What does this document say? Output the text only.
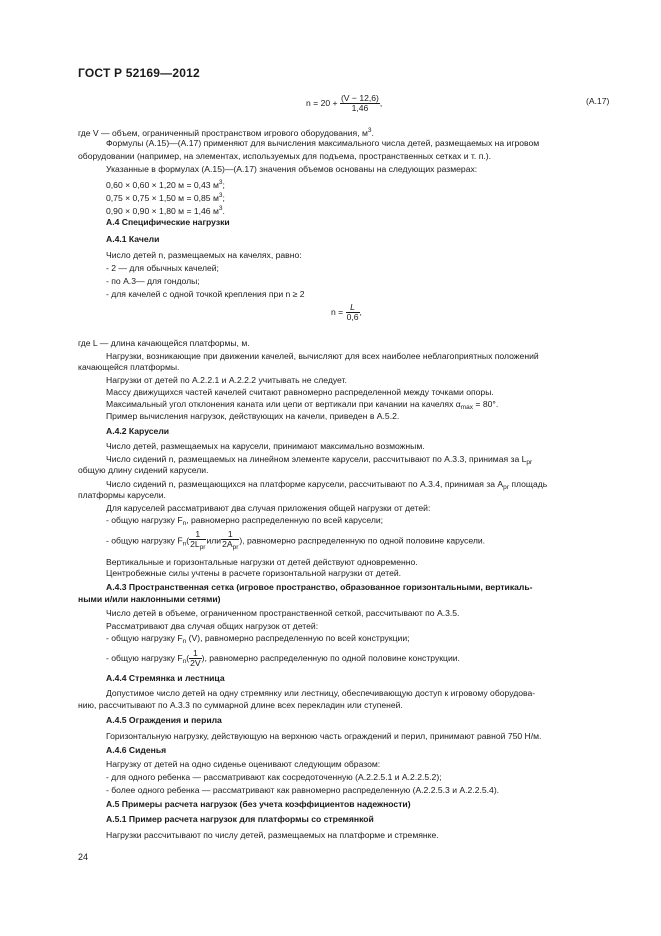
ГОСТ Р 52169—2012
$n = 20 + \frac{(V - 12,6)}{1,46}$ ,	(A.17)
где V — объем, ограниченный пространством игрового оборудования, $м^3$.
Формулы (A.15)—(A.17) применяют для вычисления максимального числа детей, размещаемых на игровом
оборудовании (например, на элементах, используемых для подъема, пространственных сетках и т. п.).
Указанные в формулах (A.15)—(A.17) значения объемов основаны на следующих размерах:
0,60 × 0,60 × 1,20 м = 0,43 $м^3$;
0,75 × 0,75 × 1,50 м = 0,85 $м^3$;
0,90 × 0,90 × 1,80 м = 1,46 $м^3$.
A.4 Специфические нагрузки
A.4.1 Качели
Число детей n, размещаемых на качелях, равно:
- 2 — для обычных качелей;
- по A.3— для гондолы;
- для качелей с одной точкой крепления при n ≥ 2
$n = \frac{L}{0,6}$ ,
где L — длина качающейся платформы, м.
Нагрузки, возникающие при движении качелей, вычисляют для всех наиболее неблагоприятных положений
качающейся платформы.
Нагрузки от детей по A.2.2.1 и A.2.2.2 учитывать не следует.
Массу движущихся частей качелей считают равномерно распределенной между точками опоры.
Максимальный угол отклонения каната или цепи от вертикали при качании на качелях $\alpha_{max} = 80^\circ$.
Пример вычисления нагрузок, действующих на качели, приведен в A.5.2.
A.4.2 Карусели
Число детей, размещаемых на карусели, принимают максимально возможным.
Число сидений n, размещаемых на линейном элементе карусели, рассчитывают по A.3.3, принимая за $L_{pr}$
общую длину сидений карусели.
Число сидений n, размещающихся на платформе карусели, рассчитывают по A.3.4, принимая за $A_{pr}$ площадь
платформы карусели.
Для каруселей рассматривают два случая приложения общей нагрузки от детей:
- общую нагрузку $F_n$, равномерно распределенную по всей карусели;
- общую нагрузку $F_n( \frac{1}{2L_{pr}}$ или $\frac{1}{2A_{pr}}$ ), равномерно распределенную по одной половине карусели.
Вертикальные и горизонтальные нагрузки от детей действуют одновременно.
Центробежные силы учтены в расчете горизонтальной нагрузки от детей.
A.4.3 Пространственная сетка (игровое пространство, образованное горизонтальными, вертикаль-
ными и/или наклонными сетями)
Число детей в объеме, ограниченном пространственной сеткой, рассчитывают по A.3.5.
Рассматривают два случая общих нагрузок от детей:
- общую нагрузку $F_n$ (V), равномерно распределенную по всей конструкции;
- общую нагрузку $F_n( \frac{1}{2V}$ ), равномерно распределенную по одной половине конструкции.
A.4.4 Стремянка и лестница
Допустимое число детей на одну стремянку или лестницу, обеспечивающую доступ к игровому оборудова-
нию, рассчитывают по A.3.3 по суммарной длине всех перекладин или ступеней.
A.4.5 Ограждения и перила
Горизонтальную нагрузку, действующую на верхнюю часть ограждений и перил, принимают равной 750 Н/м.
A.4.6 Сиденья
Нагрузку от детей на одно сиденье оценивают следующим образом:
- для одного ребенка — рассматривают как сосредоточенную (A.2.2.5.1 и A.2.2.5.2);
- более одного ребенка — рассматривают как равномерно распределенную (A.2.2.5.3 и A.2.2.5.4).
A.5 Примеры расчета нагрузок (без учета коэффициентов надежности)
A.5.1 Пример расчета нагрузок для платформы со стремянкой
Нагрузки рассчитывают по числу детей, размещаемых на платформе и стремянке.
24
